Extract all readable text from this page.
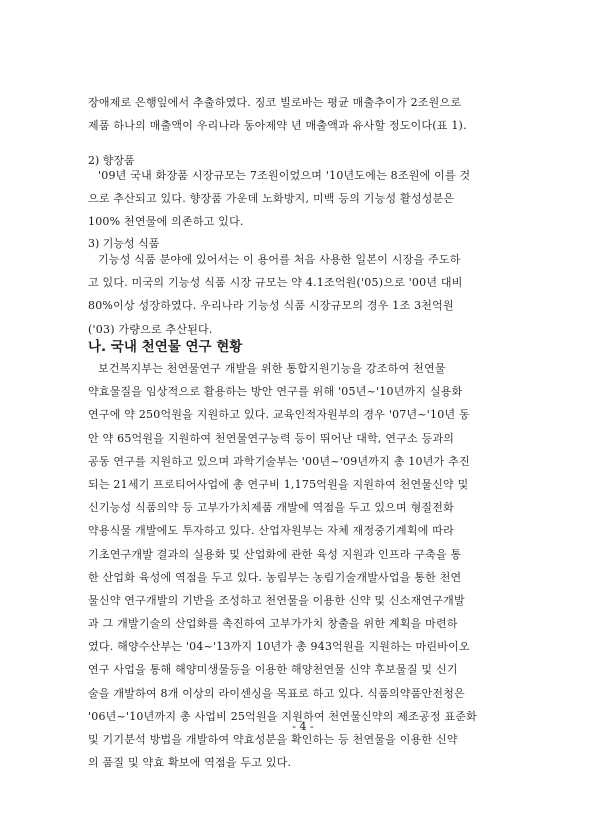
장애제로 은행잎에서 추출하였다. 징코 빌로바는 평균 매출추이가 2조원으로
제품 하나의 매출액이 우리나라 동아제약 년 매출액과 유사할 정도이다(표 1).
2) 향장품
'09년 국내 화장품 시장규모는 7조원이었으며 '10년도에는 8조원에 이를 것
으로 추산되고 있다. 향장품 가운데 노화방지, 미백 등의 기능성 활성성분은
100% 천연물에 의존하고 있다.
3) 기능성 식품
기능성 식품 분야에 있어서는 이 용어를 처음 사용한 일본이 시장을 주도하
고 있다. 미국의 기능성 식품 시장 규모는 약 4.1조억원('05)으로 '00년 대비
80%이상 성장하였다. 우리나라 기능성 식품 시장규모의 경우 1조 3천억원
('03) 가량으로 추산된다.
나. 국내 천연물 연구 현황
보건복지부는 천연물연구 개발을 위한 통합지원기능을 강조하여 천연물
약효물질을 임상적으로 활용하는 방안 연구를 위해 '05년~'10년까지 실용화
연구에 약 250억원을 지원하고 있다. 교육인적자원부의 경우 '07년~'10년 동
안 약 65억원을 지원하여 천연물연구능력 등이 뛰어난 대학, 연구소 등과의
공동 연구를 지원하고 있으며 과학기술부는 '00년~'09년까지 총 10년가 추진
되는 21세기 프로티어사업에 총 연구비 1,175억원을 지원하여 천연물신약 및
신기능성 식품의약 등 고부가가치제품 개발에 역점을 두고 있으며 형질전화
약용식물 개발에도 투자하고 있다. 산업자원부는 자체 재정중기계획에 따라
기초연구개발 결과의 실용화 및 산업화에 관한 육성 지원과 인프라 구축을 통
한 산업화 육성에 역점을 두고 있다. 농림부는 농림기술개발사업을 통한 천연
물신약 연구개발의 기반을 조성하고 천연물을 이용한 신약 및 신소재연구개발
과 그 개발기술의 산업화를 촉진하여 고부가가치 창출을 위한 계획을 마련하
였다. 해양수산부는 '04~'13까지 10년가 총 943억원을 지원하는 마린바이오
연구 사업을 통해 해양미생물등을 이용한 해양천연물 신약 후보물질 및 신기
술을 개발하여 8개 이상의 라이센싱을 목표로 하고 있다. 식품의약품안전청은
'06년~'10년까지 총 사업비 25억원을 지원하여 천연물신약의 제조공정 표준화
및 기기분석 방법을 개발하여 약효성분을 확인하는 등 천연물을 이용한 신약
의 품질 및 약효 확보에 역점을 두고 있다.
- 4 -
